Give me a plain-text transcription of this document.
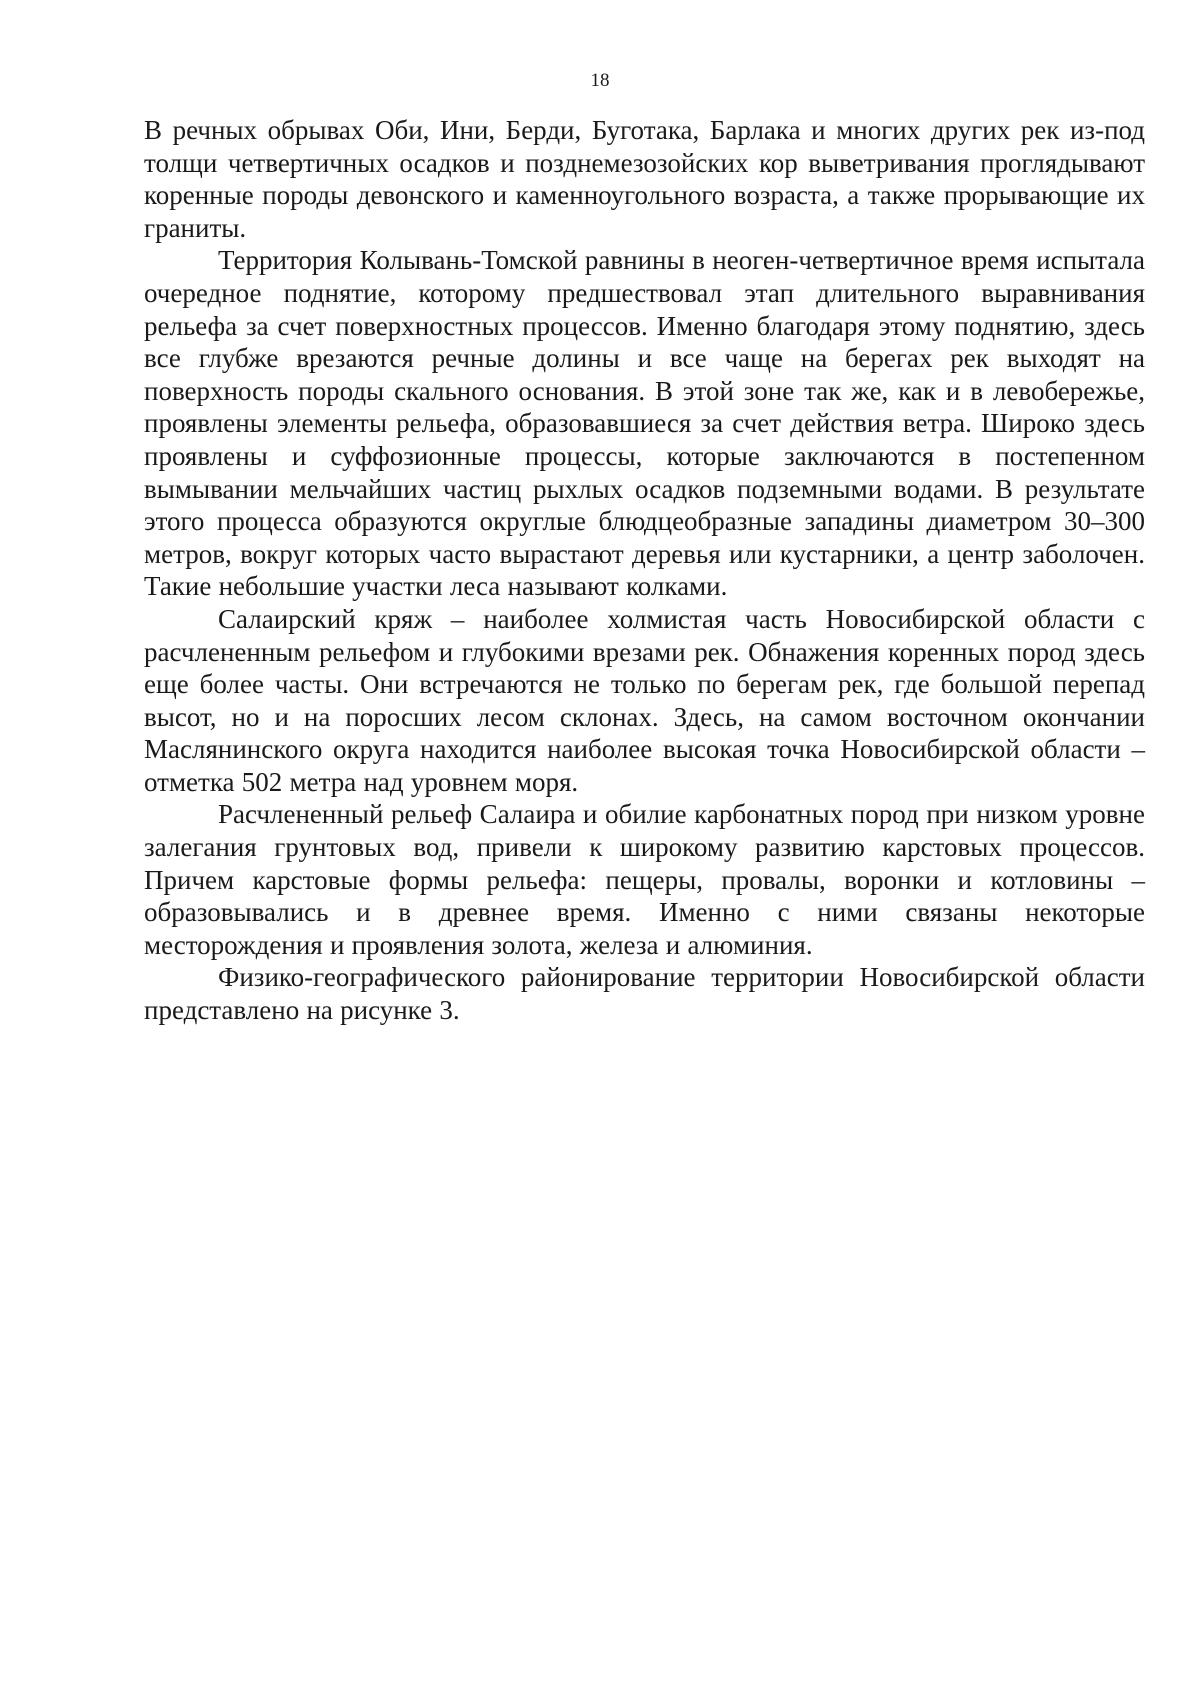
18

В речных обрывах Оби, Ини, Берди, Буготака, Барлака и многих других рек из-под толщи четвертичных осадков и позднемезозойских кор выветривания проглядывают коренные породы девонского и каменноугольного возраста, а также прорывающие их граниты.

Территория Колывань-Томской равнины в неоген-четвертичное время испытала очередное поднятие, которому предшествовал этап длительного выравнивания рельефа за счет поверхностных процессов. Именно благодаря этому поднятию, здесь все глубже врезаются речные долины и все чаще на берегах рек выходят на поверхность породы скального основания. В этой зоне так же, как и в левобережье, проявлены элементы рельефа, образовавшиеся за счет действия ветра. Широко здесь проявлены и суффозионные процессы, которые заключаются в постепенном вымывании мельчайших частиц рыхлых осадков подземными водами. В результате этого процесса образуются округлые блюдцеобразные западины диаметром 30–300 метров, вокруг которых часто вырастают деревья или кустарники, а центр заболочен. Такие небольшие участки леса называют колками.

Салаирский кряж – наиболее холмистая часть Новосибирской области с расчлененным рельефом и глубокими врезами рек. Обнажения коренных пород здесь еще более часты. Они встречаются не только по берегам рек, где большой перепад высот, но и на поросших лесом склонах. Здесь, на самом восточном окончании Маслянинского округа находится наиболее высокая точка Новосибирской области – отметка 502 метра над уровнем моря.

Расчлененный рельеф Салаира и обилие карбонатных пород при низком уровне залегания грунтовых вод, привели к широкому развитию карстовых процессов. Причем карстовые формы рельефа: пещеры, провалы, воронки и котловины – образовывались и в древнее время. Именно с ними связаны некоторые месторождения и проявления золота, железа и алюминия.

Физико-географического районирование территории Новосибирской области представлено на рисунке 3.
